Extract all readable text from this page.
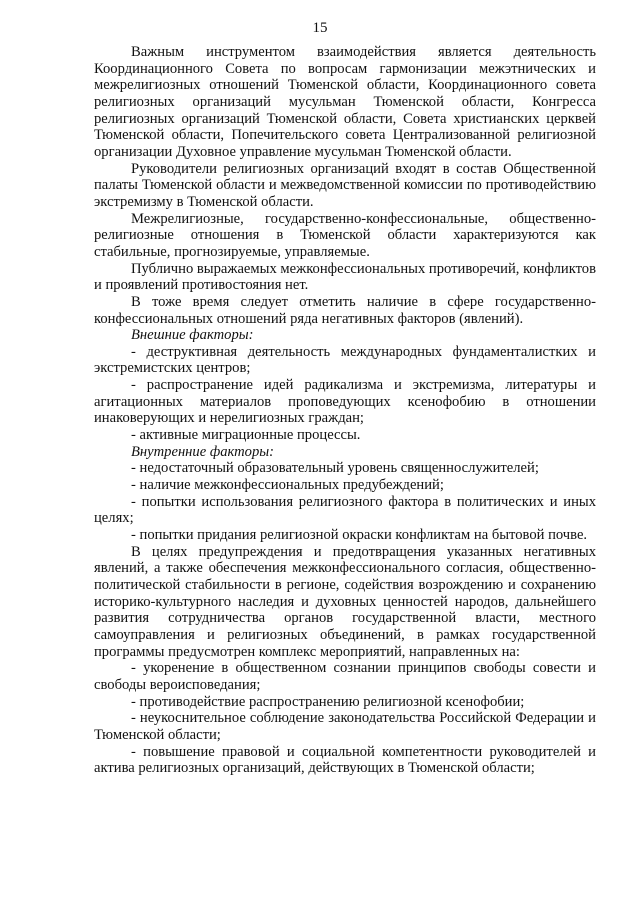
15

Важным инструментом взаимодействия является деятельность Координационного Совета по вопросам гармонизации межэтнических и межрелигиозных отношений Тюменской области, Координационного совета религиозных организаций мусульман Тюменской области, Конгресса религиозных организаций Тюменской области, Совета христианских церквей Тюменской области, Попечительского совета Централизованной религиозной организации Духовное управление мусульман Тюменской области.

Руководители религиозных организаций входят в состав Общественной палаты Тюменской области и межведомственной комиссии по противодействию экстремизму в Тюменской области.

Межрелигиозные, государственно-конфессиональные, общественно-религиозные отношения в Тюменской области характеризуются как стабильные, прогнозируемые, управляемые.

Публично выражаемых межконфессиональных противоречий, конфликтов и проявлений противостояния нет.

В тоже время следует отметить наличие в сфере государственно-конфессиональных отношений ряда негативных факторов (явлений).

Внешние факторы:

- деструктивная деятельность международных фундаменталистких и экстремистских центров;

- распространение идей радикализма и экстремизма, литературы и агитационных материалов проповедующих ксенофобию в отношении инаковерующих и нерелигиозных граждан;

- активные миграционные процессы.

Внутренние факторы:

- недостаточный образовательный уровень священнослужителей;

- наличие межконфессиональных предубеждений;

- попытки использования религиозного фактора в политических и иных целях;

- попытки придания религиозной окраски конфликтам на бытовой почве.

В целях предупреждения и предотвращения указанных негативных явлений, а также обеспечения межконфессионального согласия, общественно-политической стабильности в регионе, содействия возрождению и сохранению историко-культурного наследия и духовных ценностей народов, дальнейшего развития сотрудничества органов государственной власти, местного самоуправления и религиозных объединений, в рамках государственной программы предусмотрен комплекс мероприятий, направленных на:

- укоренение в общественном сознании принципов свободы совести и свободы вероисповедания;

- противодействие распространению религиозной ксенофобии;

- неукоснительное соблюдение законодательства Российской Федерации и Тюменской области;

- повышение правовой и социальной компетентности руководителей и актива религиозных организаций, действующих в Тюменской области;
